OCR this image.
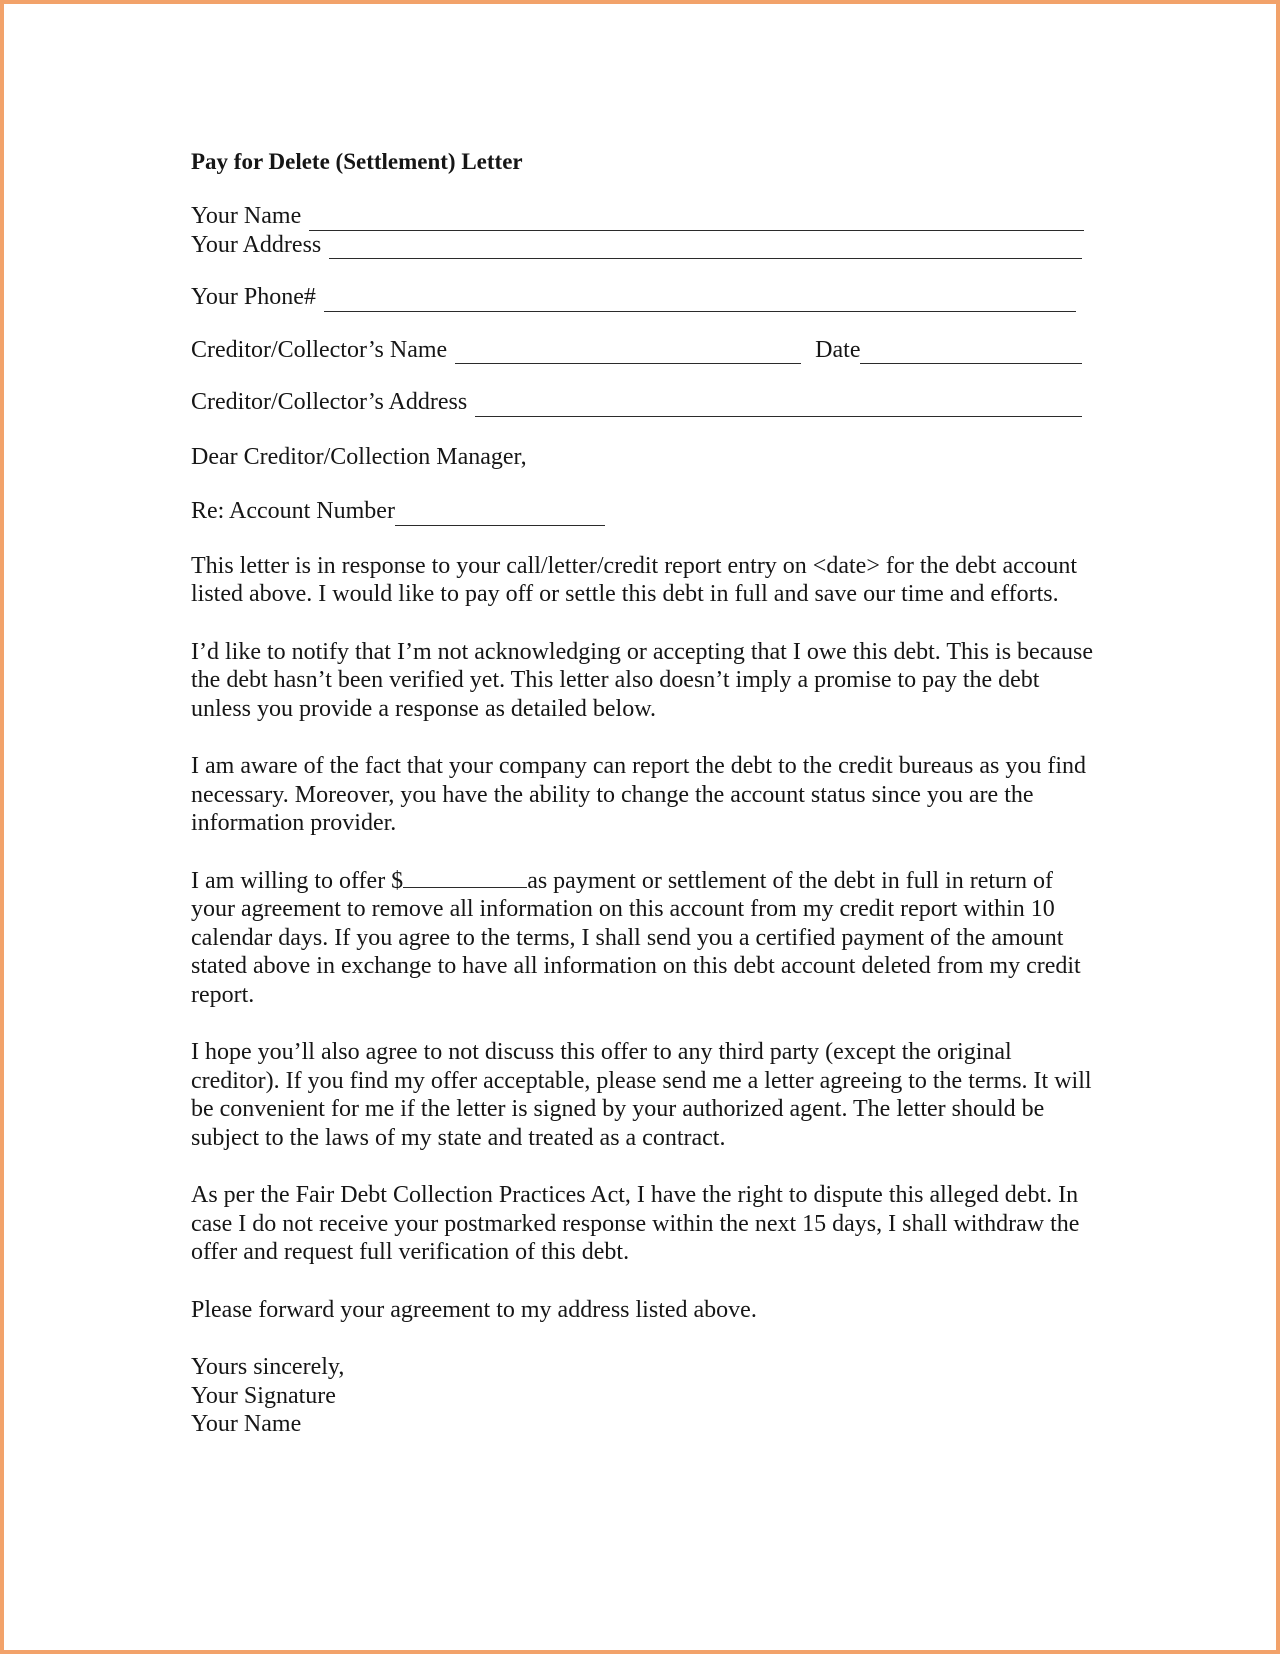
Pay for Delete (Settlement) Letter
Your Name
Your Address
Your Phone#
Creditor/Collector’s Name	Date
Creditor/Collector’s Address
Dear Creditor/Collection Manager,
Re: Account Number

This letter is in response to your call/letter/credit report entry on <date> for the debt account listed above. I would like to pay off or settle this debt in full and save our time and efforts.

I’d like to notify that I’m not acknowledging or accepting that I owe this debt. This is because the debt hasn’t been verified yet. This letter also doesn’t imply a promise to pay the debt unless you provide a response as detailed below.

I am aware of the fact that your company can report the debt to the credit bureaus as you find necessary. Moreover, you have the ability to change the account status since you are the information provider.

I am willing to offer $	as payment or settlement of the debt in full in return of your agreement to remove all information on this account from my credit report within 10 calendar days. If you agree to the terms, I shall send you a certified payment of the amount stated above in exchange to have all information on this debt account deleted from my credit report.

I hope you’ll also agree to not discuss this offer to any third party (except the original creditor). If you find my offer acceptable, please send me a letter agreeing to the terms. It will be convenient for me if the letter is signed by your authorized agent. The letter should be subject to the laws of my state and treated as a contract.

As per the Fair Debt Collection Practices Act, I have the right to dispute this alleged debt. In case I do not receive your postmarked response within the next 15 days, I shall withdraw the offer and request full verification of this debt.

Please forward your agreement to my address listed above.

Yours sincerely,
Your Signature
Your Name
